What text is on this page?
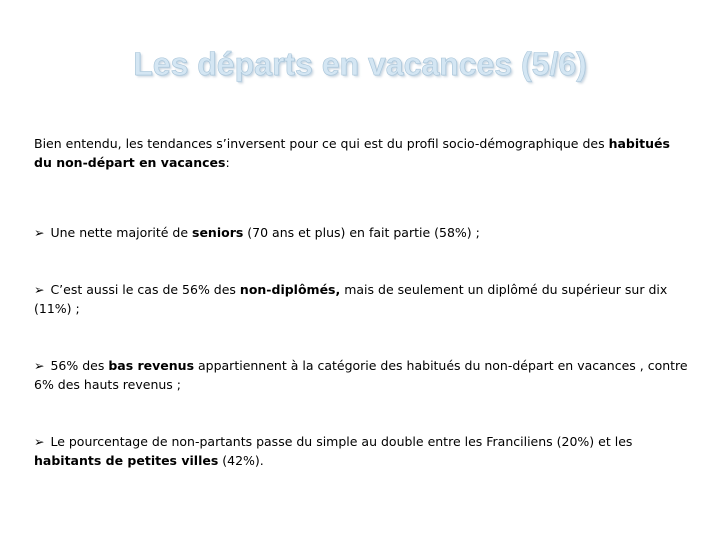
Les départs en vacances (5/6)

Bien entendu, les tendances s’inversent pour ce qui est du profil socio-démographique des habitués du non-départ en vacances:

➢ Une nette majorité de seniors (70 ans et plus) en fait partie (58%) ;

➢ C’est aussi le cas de 56% des non-diplômés, mais de seulement un diplômé du supérieur sur dix (11%) ;

➢ 56% des bas revenus appartiennent à la catégorie des habitués du non-départ en vacances , contre 6% des hauts revenus ;

➢ Le pourcentage de non-partants passe du simple au double entre les Franciliens (20%) et les habitants de petites villes (42%).
